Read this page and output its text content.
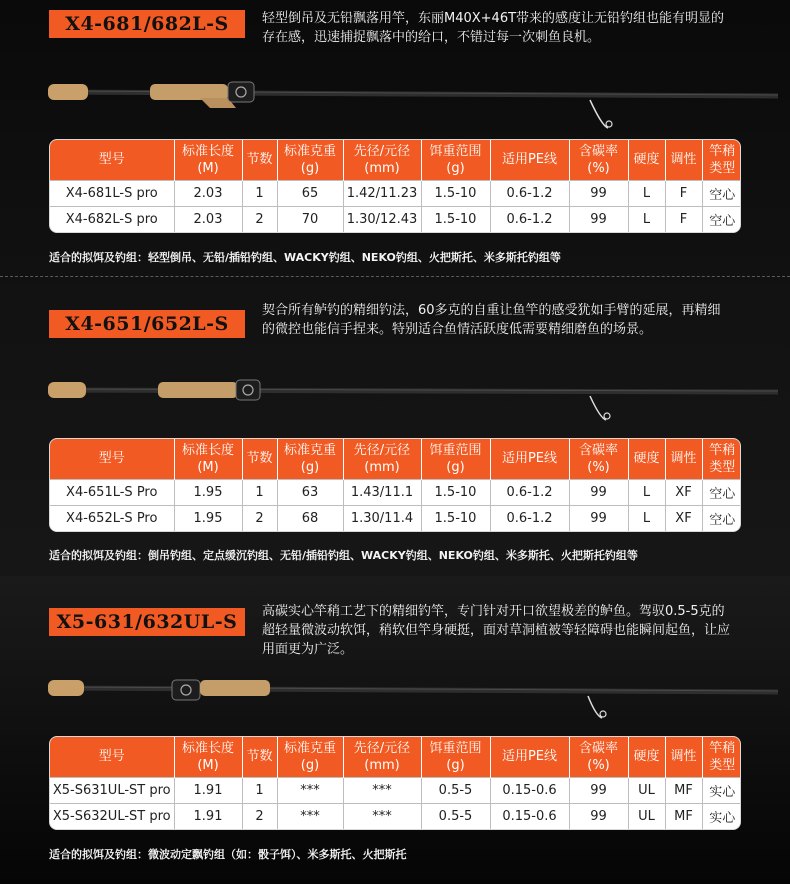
X4-681/682L-S	轻型倒吊及无铅飘落用竿，东丽M40X+46T带来的感度让无铅钓组也能有明显的存在感，迅速捕捉飘落中的给口，不错过每一次刺鱼良机。
型号	标准长度(M)	节数	标准克重(g)	先径/元径(mm)	饵重范围(g)	适用PE线	含碳率(%)	硬度	调性	竿稍类型
X4-681L-S pro	2.03	1	65	1.42/11.23	1.5-10	0.6-1.2	99	L	F	空心
X4-682L-S pro	2.03	2	70	1.30/12.43	1.5-10	0.6-1.2	99	L	F	空心
适合的拟饵及钓组：轻型倒吊、无铅/插铅钓组、WACKY钓组、NEKO钓组、火把斯托、米多斯托钓组等
X4-651/652L-S
契合所有鲈钓的精细钓法，60多克的自重让鱼竿的感受犹如手臂的延展，再精细的微控也能信手捏来。特别适合鱼情活跃度低需要精细磨鱼的场景。
型号	标准长度(M)	节数	标准克重(g)	先径/元径(mm)	饵重范围(g)	适用PE线	含碳率(%)	硬度	调性	竿稍类型
X4-651L-S Pro	1.95	1	63	1.43/11.1	1.5-10	0.6-1.2	99	L	XF	空心
X4-652L-S Pro	1.95	2	68	1.30/11.4	1.5-10	0.6-1.2	99	L	XF	空心
适合的拟饵及钓组：倒吊钓组、定点缓沉钓组、无铅/插铅钓组、WACKY钓组、NEKO钓组、米多斯托、火把斯托钓组等
X5-631/632UL-S	高碳实心竿稍工艺下的精细钓竿，专门针对开口欲望极差的鲈鱼。驾驭0.5-5克的超轻量微波动软饵，稍软但竿身硬挺，面对草洞植被等轻障碍也能瞬间起鱼，让应用面更为广泛。
型号	标准长度(M)	节数	标准克重(g)	先径/元径(mm)	饵重范围(g)	适用PE线	含碳率(%)	硬度	调性	竿稍类型
X5-S631UL-ST pro	1.91	1	***	***	0.5-5	0.15-0.6	99	UL	MF	实心
X5-S632UL-ST pro	1.91	2	***	***	0.5-5	0.15-0.6	99	UL	MF	实心
适合的拟饵及钓组：微波动定飘钓组（如：骰子饵）、米多斯托、火把斯托
